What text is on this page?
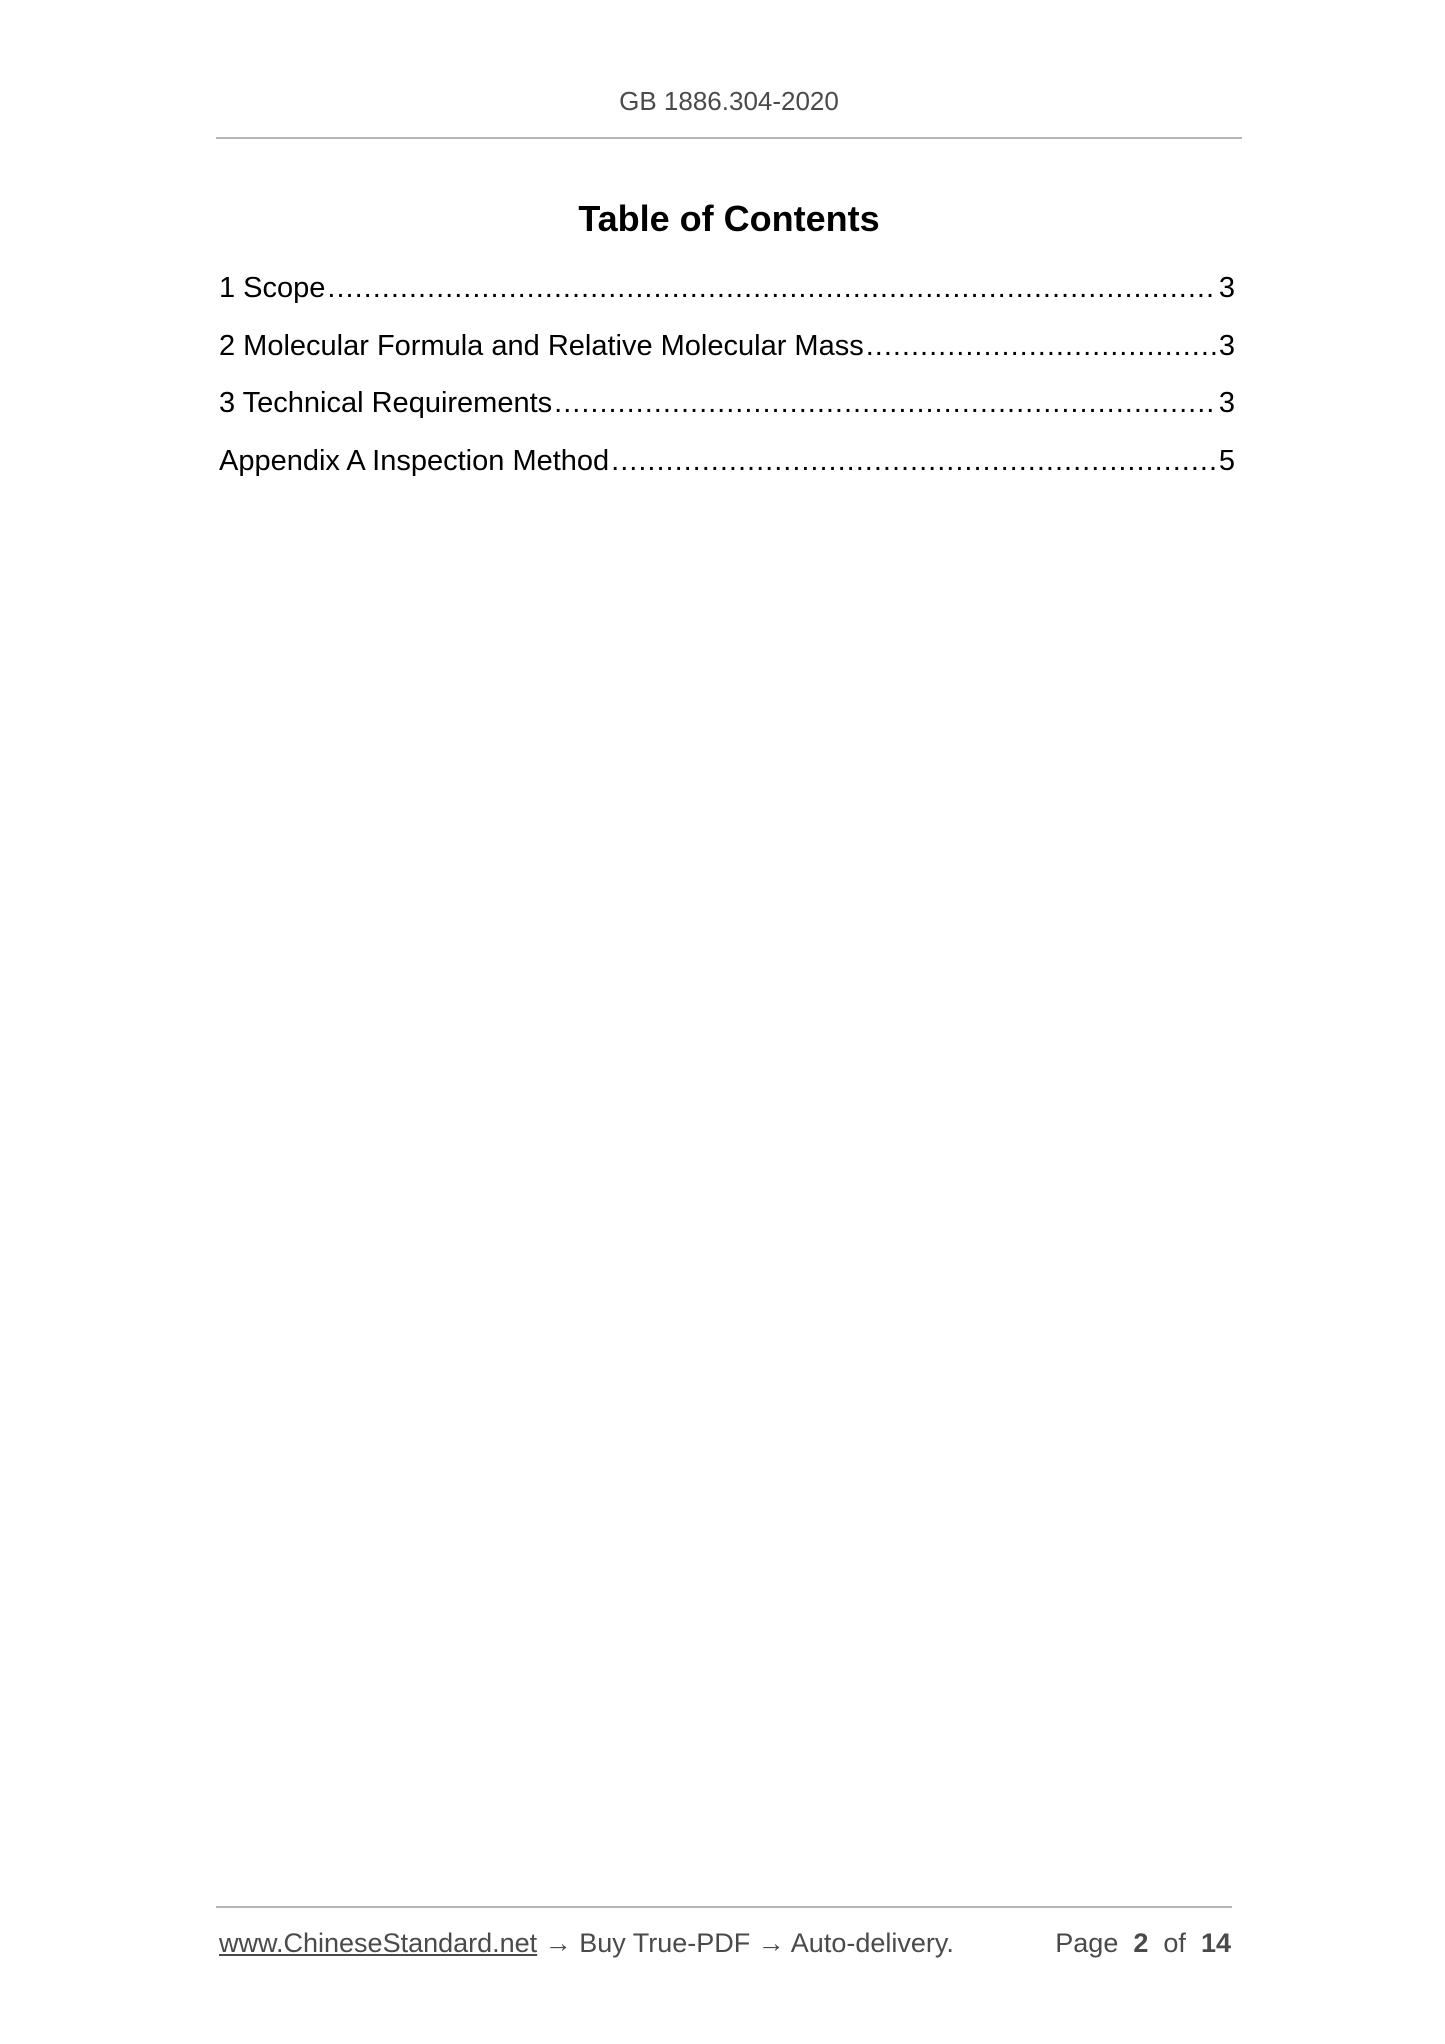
GB 1886.304-2020
Table of Contents
1 Scope .....	3
2 Molecular Formula and Relative Molecular Mass .....	3
3 Technical Requirements .....	3
Appendix A Inspection Method .....	5
www.ChineseStandard.net → Buy True-PDF → Auto-delivery.	Page 2 of 14
